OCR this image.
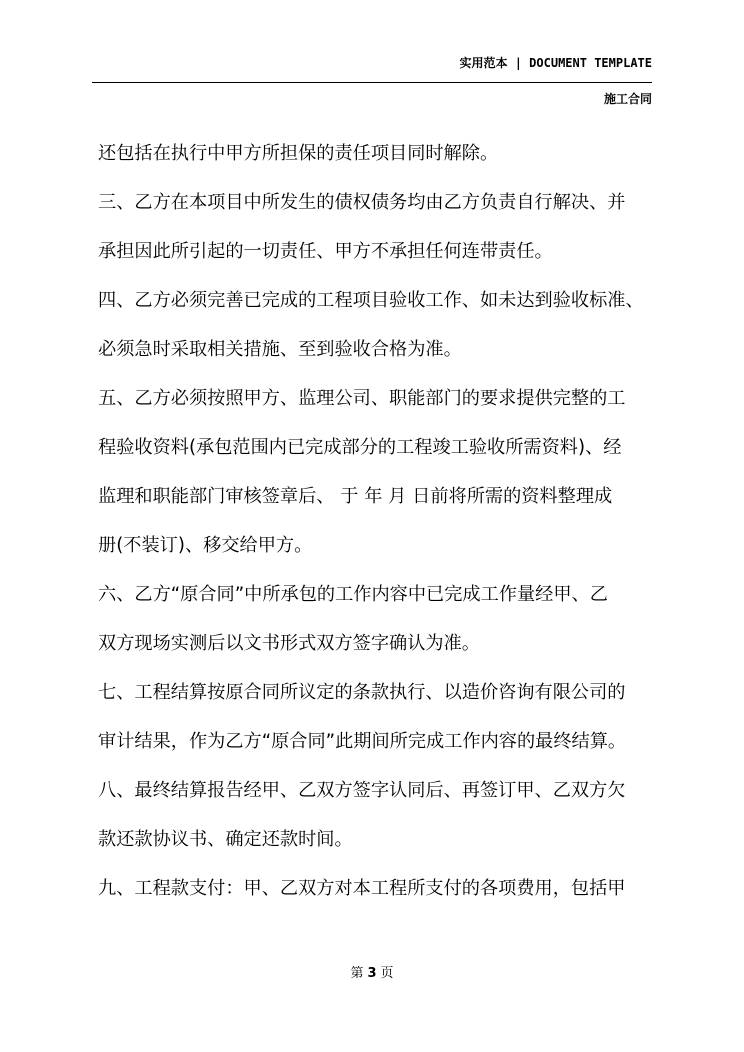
实用范本 | DOCUMENT TEMPLATE
施工合同
还包括在执行中甲方所担保的责任项目同时解除。
三、乙方在本项目中所发生的债权债务均由乙方负责自行解决、并
承担因此所引起的一切责任、甲方不承担任何连带责任。
四、乙方必须完善已完成的工程项目验收工作、如未达到验收标准、
必须急时采取相关措施、至到验收合格为准。
五、乙方必须按照甲方、监理公司、职能部门的要求提供完整的工
程验收资料(承包范围内已完成部分的工程竣工验收所需资料)、经
监理和职能部门审核签章后、 于 年 月 日前将所需的资料整理成
册(不装订)、移交给甲方。
六、乙方“原合同”中所承包的工作内容中已完成工作量经甲、乙
双方现场实测后以文书形式双方签字确认为准。
七、工程结算按原合同所议定的条款执行、以造价咨询有限公司的
审计结果，作为乙方“原合同”此期间所完成工作内容的最终结算。
八、最终结算报告经甲、乙双方签字认同后、再签订甲、乙双方欠
款还款协议书、确定还款时间。
九、工程款支付：甲、乙双方对本工程所支付的各项费用，包括甲
第 3 页
